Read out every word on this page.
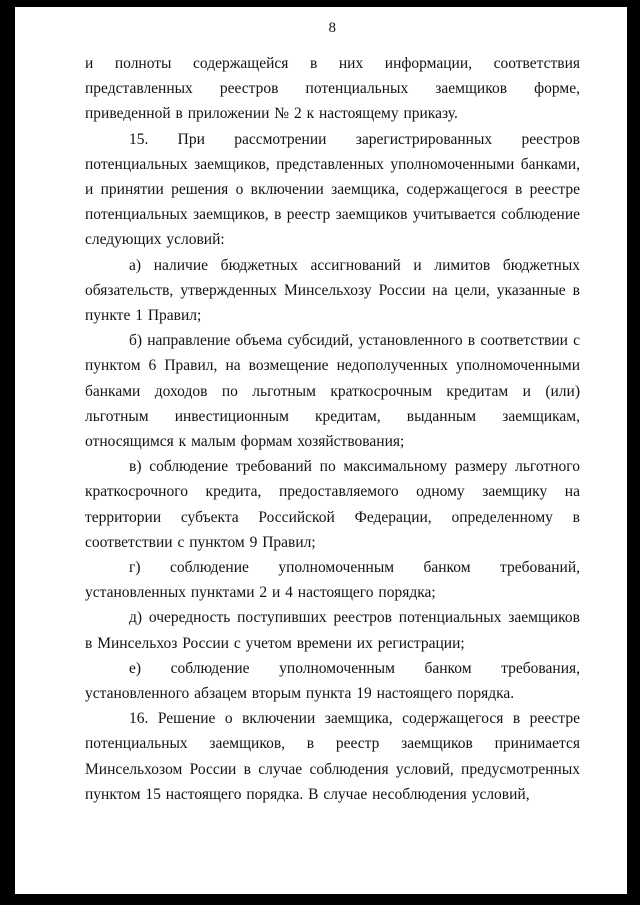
8

и полноты содержащейся в них информации, соответствия представленных реестров потенциальных заемщиков форме, приведенной в приложении № 2 к настоящему приказу.

15. При рассмотрении зарегистрированных реестров потенциальных заемщиков, представленных уполномоченными банками, и принятии решения о включении заемщика, содержащегося в реестре потенциальных заемщиков, в реестр заемщиков учитывается соблюдение следующих условий:

а) наличие бюджетных ассигнований и лимитов бюджетных обязательств, утвержденных Минсельхозу России на цели, указанные в пункте 1 Правил;

б) направление объема субсидий, установленного в соответствии с пунктом 6 Правил, на возмещение недополученных уполномоченными банками доходов по льготным краткосрочным кредитам и (или) льготным инвестиционным кредитам, выданным заемщикам, относящимся к малым формам хозяйствования;

в) соблюдение требований по максимальному размеру льготного краткосрочного кредита, предоставляемого одному заемщику на территории субъекта Российской Федерации, определенному в соответствии с пунктом 9 Правил;

г) соблюдение уполномоченным банком требований, установленных пунктами 2 и 4 настоящего порядка;

д) очередность поступивших реестров потенциальных заемщиков в Минсельхоз России с учетом времени их регистрации;

е) соблюдение уполномоченным банком требования, установленного абзацем вторым пункта 19 настоящего порядка.

16. Решение о включении заемщика, содержащегося в реестре потенциальных заемщиков, в реестр заемщиков принимается Минсельхозом России в случае соблюдения условий, предусмотренных пунктом 15 настоящего порядка. В случае несоблюдения условий,
